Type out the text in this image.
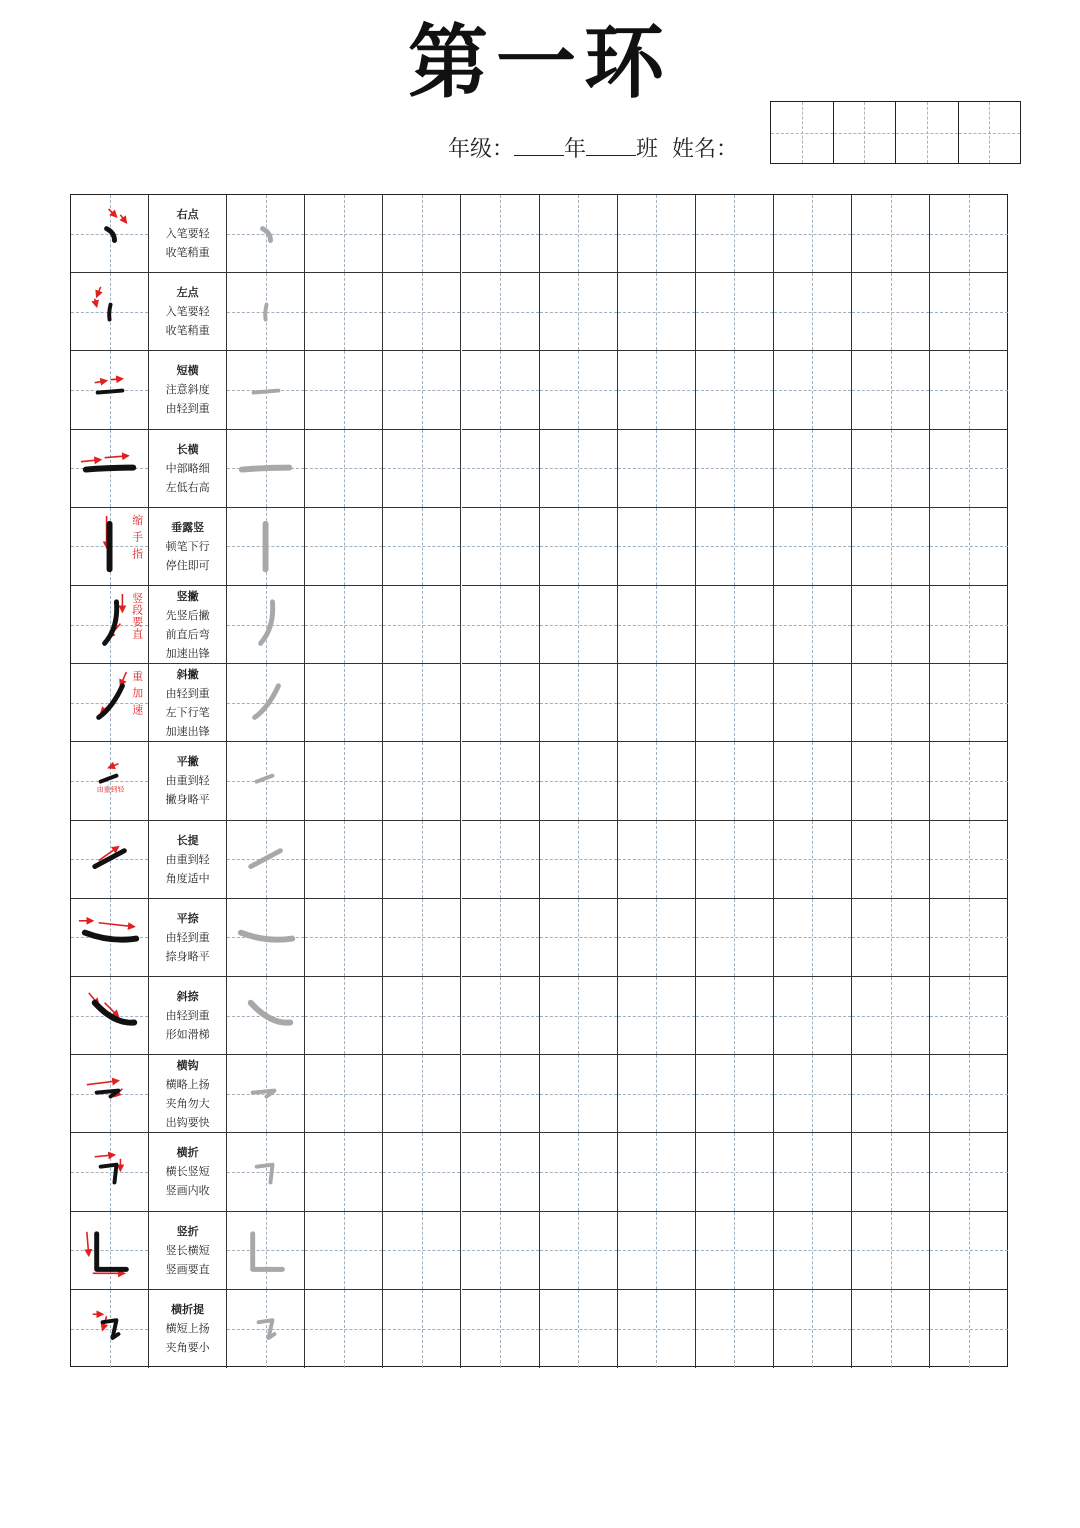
第一环
年级： 年 班 姓名：
右点
入笔要轻
收笔稍重
左点
入笔要轻
收笔稍重
短横
注意斜度
由轻到重
长横
中部略细
左低右高
缩手指
垂露竖
顿笔下行
停住即可
竖段要直
竖撇
先竖后撇
前直后弯
加速出锋
重加速
斜撇
由轻到重
左下行笔
加速出锋
由重到轻
平撇
由重到轻
撇身略平
长提
由重到轻
角度适中
平捺
由轻到重
捺身略平
斜捺
由轻到重
形如滑梯
横钩
横略上扬
夹角勿大
出钩要快
横折
横长竖短
竖画内收
竖折
竖长横短
竖画要直
横折提
横短上扬
夹角要小
